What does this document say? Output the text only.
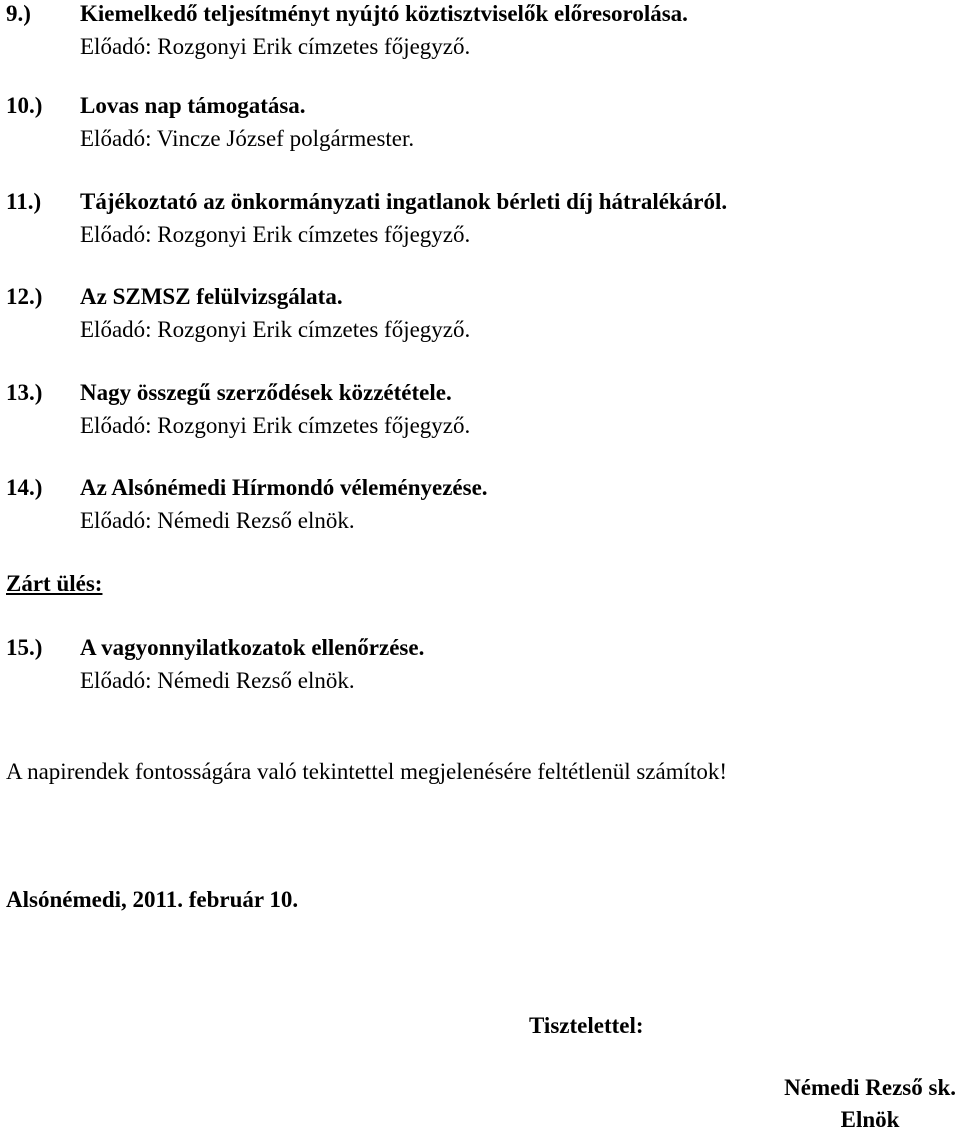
9.) Kiemelkedő teljesítményt nyújtó köztisztviselők előresorolása.
Előadó: Rozgonyi Erik címzetes főjegyző.
10.) Lovas nap támogatása.
Előadó: Vincze József polgármester.
11.) Tájékoztató az önkormányzati ingatlanok bérleti díj hátralékáról.
Előadó: Rozgonyi Erik címzetes főjegyző.
12.) Az SZMSZ felülvizsgálata.
Előadó: Rozgonyi Erik címzetes főjegyző.
13.) Nagy összegű szerződések közzététele.
Előadó: Rozgonyi Erik címzetes főjegyző.
14.) Az Alsónémedi Hírmondó véleményezése.
Előadó: Némedi Rezső elnök.
Zárt ülés:
15.) A vagyonnyilatkozatok ellenőrzése.
Előadó: Némedi Rezső elnök.
A napirendek fontosságára való tekintettel megjelenésére feltétlenül számítok!
Alsónémedi, 2011. február 10.
Tisztelettel:
Némedi Rezső sk.
Elnök
